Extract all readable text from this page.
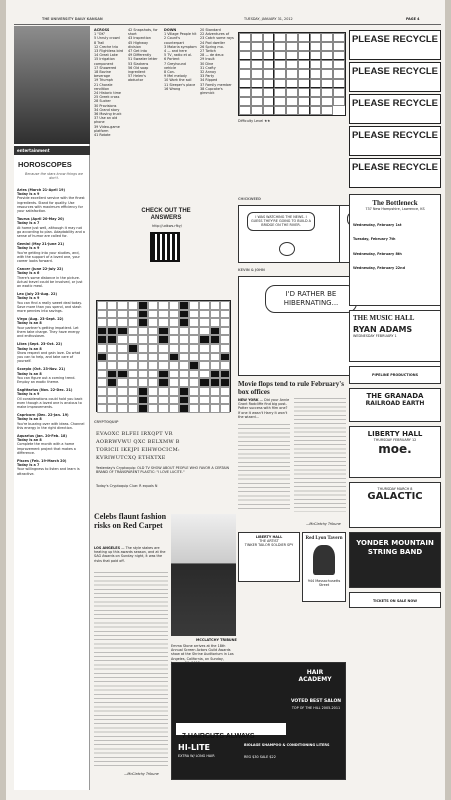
THE UNIVERSITY DAILY KANSAN	TUESDAY, JANUARY 31, 2012	PAGE 4
entertainment
HOROSCOPES
Because the stars know things we don't.
Aries (March 21-April 19)
Today is a 9
Provide excellent service with the finest ingredients. Stand for quality. Use resources with maximum efficiency for your satisfaction.
Taurus (April 20-May 20)
Today is a 7
At home just well, although it may not go according to plan. Adaptability and a sense of humor are called for.
Gemini (May 21-June 21)
Today is a 9
You're getting into your studies, and, with the support of a loved one, your career looks forward.
Cancer (June 22-July 22)
Today is a 6
There's some distance in the picture. Actual travel could be involved, or just an exotic meal.
Leo (July 23-Aug. 22)
Today is a 9
You can find a really sweet deal today. Save more than you spend, and stash more pennies into savings.
Virgo (Aug. 23-Sept. 22)
Today is an 8
Your partner's getting impatient. Let them take charge. They have energy and enthusiasm.
Libra (Sept. 23-Oct. 22)
Today is an 8
Show respect and gain love. Do what you can to help, and take care of yourself.
Scorpio (Oct. 23-Nov. 21)
Today is an 8
You can figure out a coming trend. Employ an exotic theme.
Sagittarius (Nov. 22-Dec. 21)
Today is a 9
Oil considerations could hold you back even though a loved one is anxious to make improvements.
Capricorn (Dec. 22-Jan. 19)
Today is an 8
You're buzzing over with ideas. Channel this energy in the right direction.
Aquarius (Jan. 20-Feb. 18)
Today is an 8
Complete the month with a home improvement project that makes a difference.
Pisces (Feb. 19-March 20)
Today is a 7
Your willingness to listen and learn is attractive.
ACROSS
1 "OK"
5 Unruly crowd
8 Trail
12 Creche trio
13 Flightless bird
14 Great Lake
15 Irrigation component
17 Showered
18 Bovine beverage
19 Triumph
21 Chorale rendition
24 Historic time
25 Greek cross
28 Sucker
30 Provisions
34 Grand story
36 Moving truck
37 Use an old phone
39 Video-game platform
41 Rotate
42 Snapshots, for short
43 Inspection
45 Highway division
47 Get into
49 Differently
51 Sweater letter
53 Slackens
56 Old soap ingredient
57 Helen's abductor
DOWN
1 Village People hit
2 Count's counterpart
3 Malaria symptom
4 — and here
5 TV, radio et al.
6 Portent
7 Greyhound vehicle
8 Con-
9 Mel melody
10 Work the soil
11 Sleeper's place
16 Wrong
20 Standard
22 Adventures of
23 Catch some rays
24 Pod dweller
26 Spring mo.
27 Twitch
28 — de deux
29 Insult
30 Dine
31 Crafty
32 Annoy
33 Party
34 Ripped
37 Family member
38 Cupcake's gimmick
CHECK OUT THE ANSWERS
http://udkws.rfky/
CRYPTOQUIP
EVAOXC BLFEI IRXQPT VR
AOBRWVWU QXC BELXMW B
TORICII IKEJPI EIHWOCICM:
KVRIWUTCXQ ETHXTXE
Yesterday's Cryptoquip: OLD TV SHOW ABOUT PEOPLE WHO FAVOR A CERTAIN BRAND OF TRANSPARENT PLASTIC: "I LOVE LUCITE."
Today's Cryptoquip Clue: R equals N
Celebs flaunt fashion risks on Red Carpet
LOS ANGELES — The style stakes are heating up this awards season, and at the SAG Awards on Sunday night, it was the risks that paid off.
—McClatchy Tribune
MCCLATCHY TRIBUNE
Emma Stone arrives at the 18th Annual Screen Actors Guild Awards show at the Shrine Auditorium in Los Angeles, California, on Sunday,
Difficulty Level ★★
PLEASE RECYCLE
PLEASE RECYCLE
PLEASE RECYCLE
PLEASE RECYCLE
PLEASE RECYCLE
CHICKWEED
I WAS WATCHING THE NEWS. I GUESS THEY'RE GOING TO BUILD A BRIDGE ON THE RIVER.
KEVIN & JOHN
I'D RATHER BE HIBERNATING...
Movie flops tend to rule February's box offices
NEW YORK — Did your Annie Grant Radcliffe find big post-Potter success with film one? If one it wasn't Harry it won't the wizard...
—McClatchy Tribune
LIBERTY HALL
THE ARTIST
TINKER TAILOR SOLDIER SPY
Red Lyon Tavern
944 Massachusetts Street
HAIR ACADEMY
VOTED BEST SALON
TOP OF THE HILL 2005-2011
7 HAIRCUTS ALWAYS
HI-LITE
EXTRA W/ LONG HAIR
BIOLAGE SHAMPOO & CONDITIONING LITERS
REG $30 SALE $22
The Bottleneck
737 New Hampshire, Lawrence, KS
Wednesday, February 1st
Tuesday, February 7th
Wednesday, February 8th
Wednesday, February 22nd
THE MUSIC HALL
RYAN ADAMS
WEDNESDAY FEBRUARY 1
PIPELINE PRODUCTIONS
THE GRANADA
RAILROAD EARTH
LIBERTY HALL
THURSDAY FEBRUARY 12
moe.
THURSDAY MARCH 8
GALACTIC
YONDER MOUNTAIN STRING BAND
TICKETS ON SALE NOW
